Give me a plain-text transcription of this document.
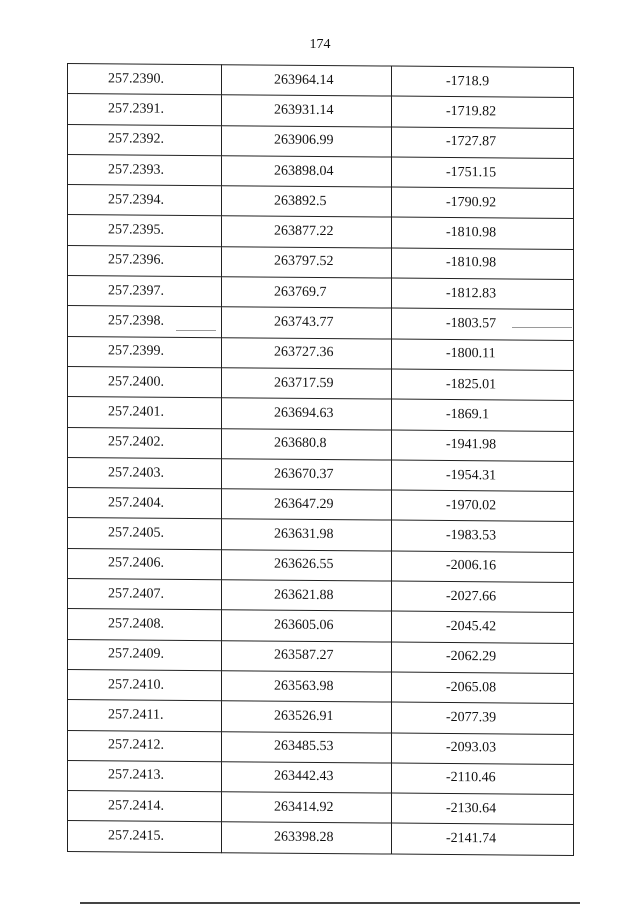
174
257.2390.	263964.14	-1718.9
257.2391.	263931.14	-1719.82
257.2392.	263906.99	-1727.87
257.2393.	263898.04	-1751.15
257.2394.	263892.5	-1790.92
257.2395.	263877.22	-1810.98
257.2396.	263797.52	-1810.98
257.2397.	263769.7	-1812.83
257.2398.	263743.77	-1803.57
257.2399.	263727.36	-1800.11
257.2400.	263717.59	-1825.01
257.2401.	263694.63	-1869.1
257.2402.	263680.8	-1941.98
257.2403.	263670.37	-1954.31
257.2404.	263647.29	-1970.02
257.2405.	263631.98	-1983.53
257.2406.	263626.55	-2006.16
257.2407.	263621.88	-2027.66
257.2408.	263605.06	-2045.42
257.2409.	263587.27	-2062.29
257.2410.	263563.98	-2065.08
257.2411.	263526.91	-2077.39
257.2412.	263485.53	-2093.03
257.2413.	263442.43	-2110.46
257.2414.	263414.92	-2130.64
257.2415.	263398.28	-2141.74
